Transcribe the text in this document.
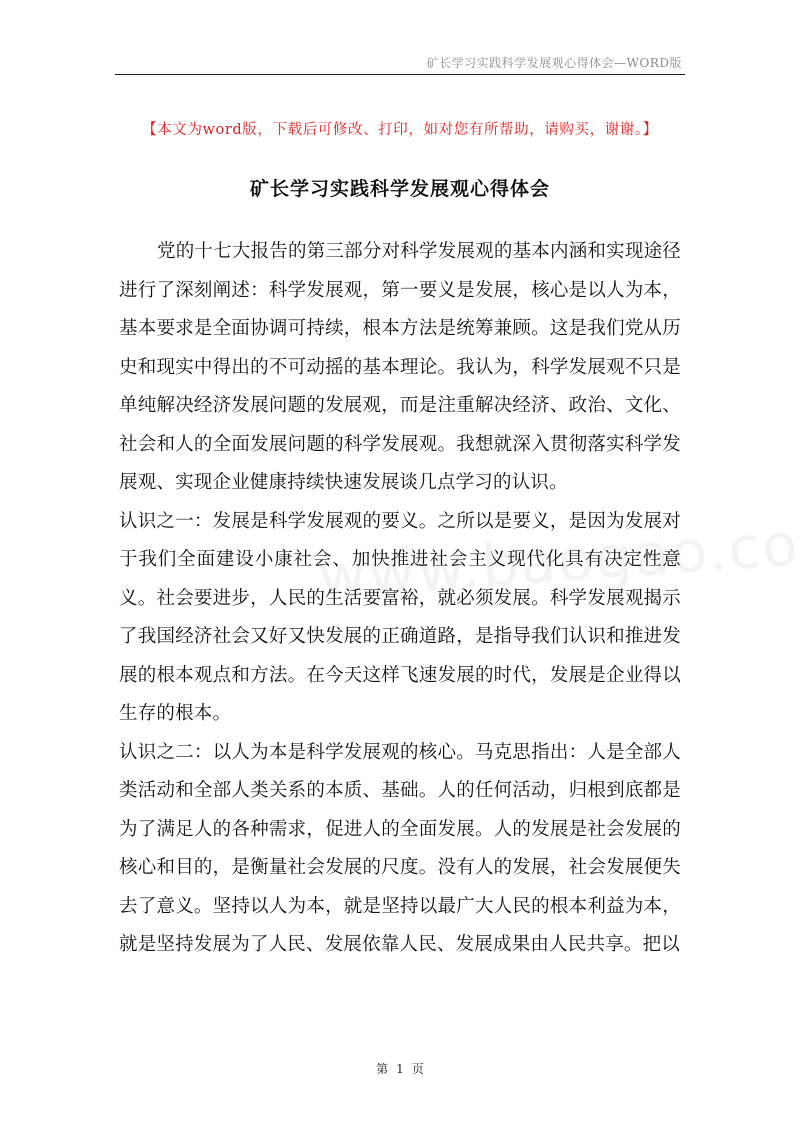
矿长学习实践科学发展观心得体会—WORD版
【本文为word版，下载后可修改、打印，如对您有所帮助，请购买，谢谢。】
矿长学习实践科学发展观心得体会

党的十七大报告的第三部分对科学发展观的基本内涵和实现途径进行了深刻阐述：科学发展观，第一要义是发展，核心是以人为本，基本要求是全面协调可持续，根本方法是统筹兼顾。这是我们党从历史和现实中得出的不可动摇的基本理论。我认为，科学发展观不只是单纯解决经济发展问题的发展观，而是注重解决经济、政治、文化、社会和人的全面发展问题的科学发展观。我想就深入贯彻落实科学发展观、实现企业健康持续快速发展谈几点学习的认识。

认识之一：发展是科学发展观的要义。之所以是要义，是因为发展对于我们全面建设小康社会、加快推进社会主义现代化具有决定性意义。社会要进步，人民的生活要富裕，就必须发展。科学发展观揭示了我国经济社会又好又快发展的正确道路，是指导我们认识和推进发展的根本观点和方法。在今天这样飞速发展的时代，发展是企业得以生存的根本。

认识之二：以人为本是科学发展观的核心。马克思指出：人是全部人类活动和全部人类关系的本质、基础。人的任何活动，归根到底都是为了满足人的各种需求，促进人的全面发展。人的发展是社会发展的核心和目的，是衡量社会发展的尺度。没有人的发展，社会发展便失去了意义。坚持以人为本，就是坚持以最广大人民的根本利益为本，就是坚持发展为了人民、发展依靠人民、发展成果由人民共享。把以

第 1 页
